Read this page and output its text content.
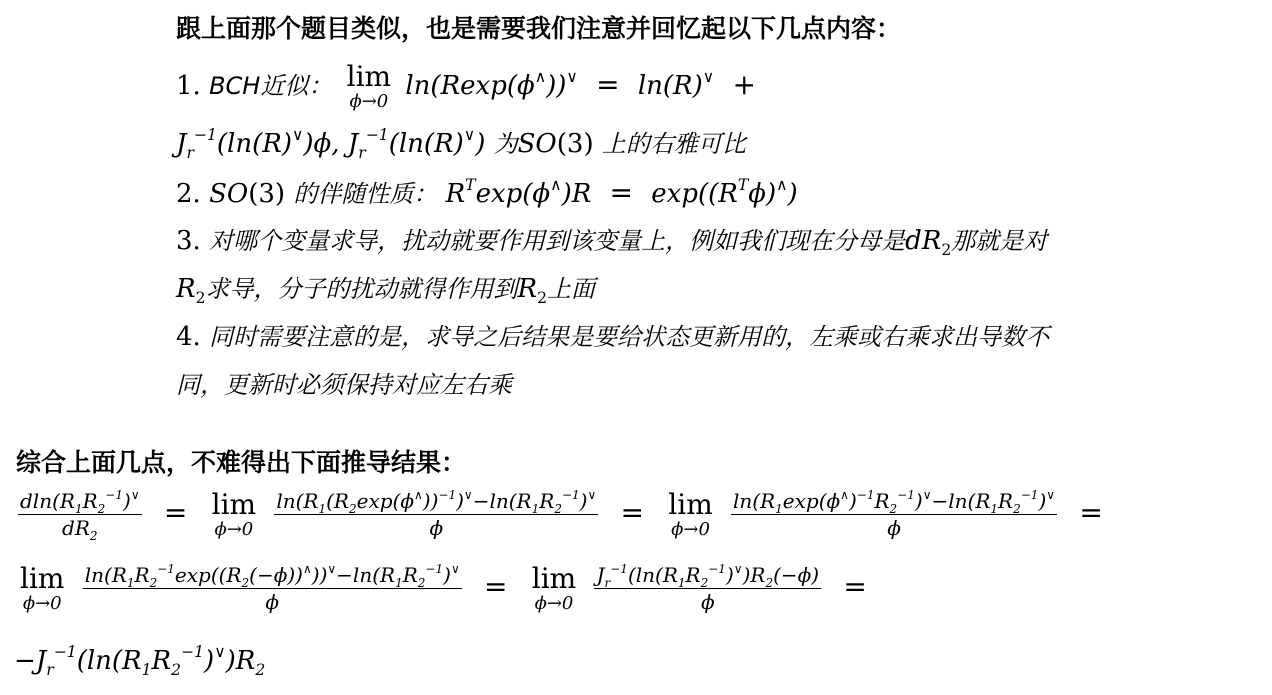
跟上面那个题目类似，也是需要我们注意并回忆起以下几点内容：
1. BCH近似： lim
ϕ→0
ln(Rexp(ϕ∧))∨ = ln(R)∨ +
$J_r^{-1}(\ln(R)^\vee)\phi$, $J_r^{-1}(\ln(R)^\vee)$ 为SO(3) 上的右雅可比
2. SO(3) 的伴随性质： $R^T\exp(\phi^\wedge)R = \exp((R^T\phi)^\wedge)$
3. 对哪个变量求导，扰动就要作用到该变量上，例如我们现在分母是$dR_2$那就是对
$R_2$求导，分子的扰动就得作用到$R_2$上面
4. 同时需要注意的是，求导之后结果是要给状态更新用的，左乘或右乘求出导数不
同，更新时必须保持对应左右乘
综合上面几点，不难得出下面推导结果：
$\frac{dln(R_1R_2^{-1})^\vee}{dR_2} = \lim$
ϕ→0
$\frac{\ln(R_1(R_2\exp(\phi^\wedge))^{-1})^\vee-\ln(R_1R_2^{-1})^\vee}{\phi} = \lim$
ϕ→0
$\frac{\ln(R_1\exp(\phi^\wedge)^{-1}R_2^{-1})^\vee-\ln(R_1R_2^{-1})^\vee}{\phi}$ =
lim
ϕ→0
$\frac{\ln(R_1R_2^{-1}\exp((R_2(-\phi))^\wedge))^\vee-\ln(R_1R_2^{-1})^\vee}{\phi} = \lim$
ϕ→0
$\frac{J_r^{-1}(\ln(R_1R_2^{-1})^\vee)R_2(-\phi)}{\phi}$ =
$-J_r^{-1}(\ln(R_1R_2^{-1})^\vee)R_2$
